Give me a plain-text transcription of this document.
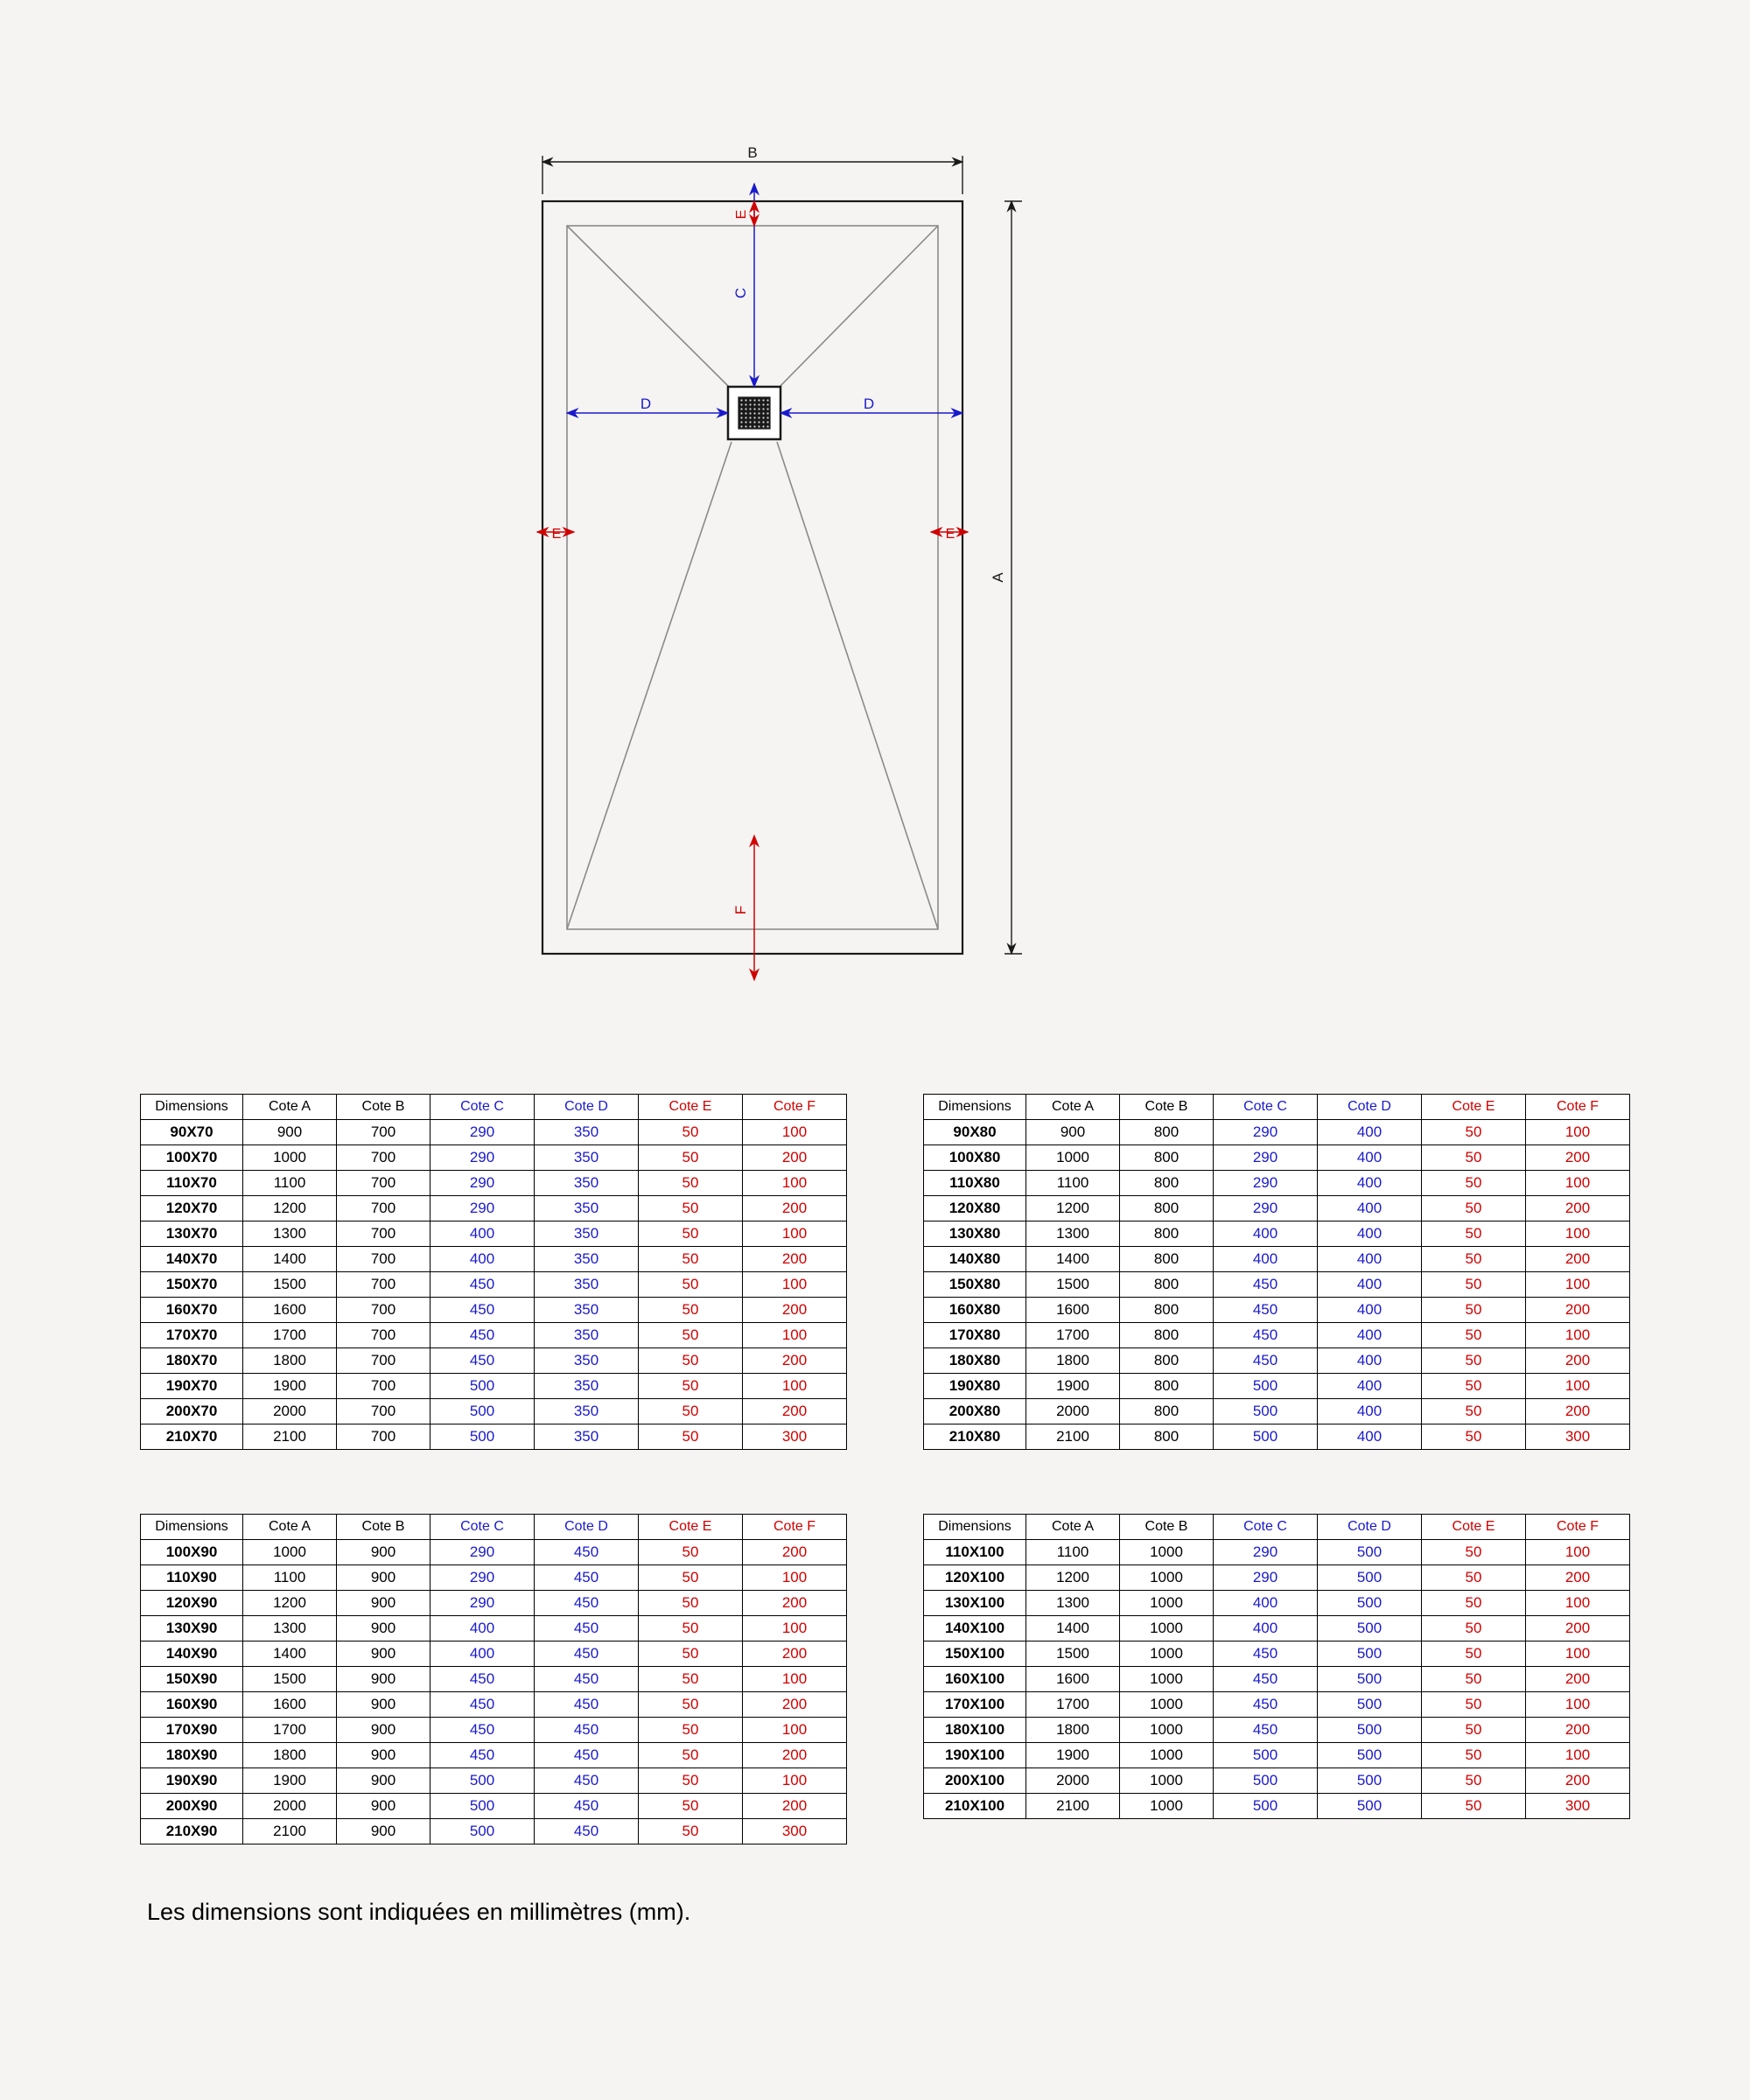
B
A
C
D	D
E
E	E
F
Dimensions	Cote A	Cote B	Cote C	Cote D	Cote E	Cote F
90X70	900	700	290	350	50	100
100X70	1000	700	290	350	50	200
110X70	1100	700	290	350	50	100
120X70	1200	700	290	350	50	200
130X70	1300	700	400	350	50	100
140X70	1400	700	400	350	50	200
150X70	1500	700	450	350	50	100
160X70	1600	700	450	350	50	200
170X70	1700	700	450	350	50	100
180X70	1800	700	450	350	50	200
190X70	1900	700	500	350	50	100
200X70	2000	700	500	350	50	200
210X70	2100	700	500	350	50	300
Dimensions	Cote A	Cote B	Cote C	Cote D	Cote E	Cote F
90X80	900	800	290	400	50	100
100X80	1000	800	290	400	50	200
110X80	1100	800	290	400	50	100
120X80	1200	800	290	400	50	200
130X80	1300	800	400	400	50	100
140X80	1400	800	400	400	50	200
150X80	1500	800	450	400	50	100
160X80	1600	800	450	400	50	200
170X80	1700	800	450	400	50	100
180X80	1800	800	450	400	50	200
190X80	1900	800	500	400	50	100
200X80	2000	800	500	400	50	200
210X80	2100	800	500	400	50	300
Dimensions	Cote A	Cote B	Cote C	Cote D	Cote E	Cote F
100X90	1000	900	290	450	50	200
110X90	1100	900	290	450	50	100
120X90	1200	900	290	450	50	200
130X90	1300	900	400	450	50	100
140X90	1400	900	400	450	50	200
150X90	1500	900	450	450	50	100
160X90	1600	900	450	450	50	200
170X90	1700	900	450	450	50	100
180X90	1800	900	450	450	50	200
190X90	1900	900	500	450	50	100
200X90	2000	900	500	450	50	200
210X90	2100	900	500	450	50	300
Dimensions	Cote A	Cote B	Cote C	Cote D	Cote E	Cote F
110X100	1100	1000	290	500	50	100
120X100	1200	1000	290	500	50	200
130X100	1300	1000	400	500	50	100
140X100	1400	1000	400	500	50	200
150X100	1500	1000	450	500	50	100
160X100	1600	1000	450	500	50	200
170X100	1700	1000	450	500	50	100
180X100	1800	1000	450	500	50	200
190X100	1900	1000	500	500	50	100
200X100	2000	1000	500	500	50	200
210X100	2100	1000	500	500	50	300
Les dimensions sont indiquées en millimètres (mm).
